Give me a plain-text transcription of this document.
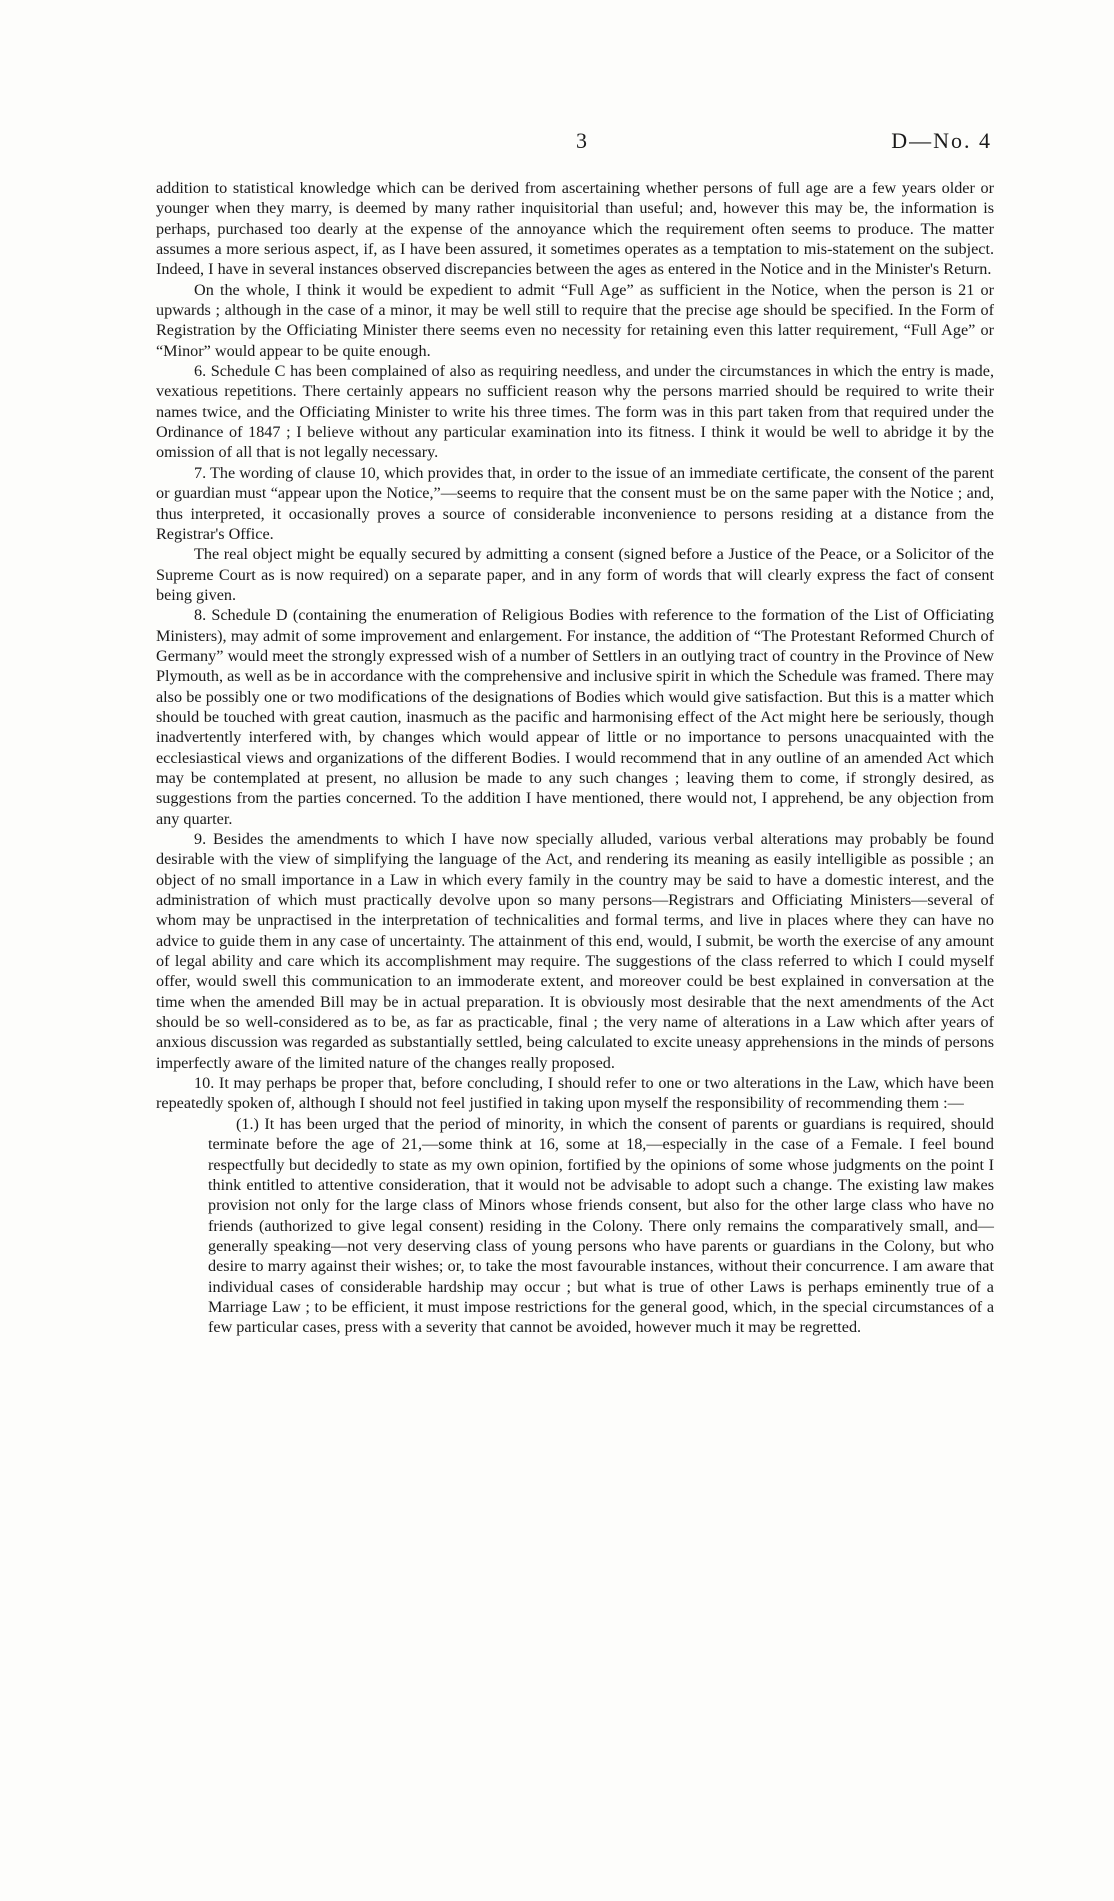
3	D—No. 4

addition to statistical knowledge which can be derived from ascertaining whether persons of full age are a few years older or younger when they marry, is deemed by many rather inquisitorial than useful; and, however this may be, the information is perhaps, purchased too dearly at the expense of the annoyance which the requirement often seems to produce. The matter assumes a more serious aspect, if, as I have been assured, it sometimes operates as a temptation to mis-statement on the subject. Indeed, I have in several instances observed discrepancies between the ages as entered in the Notice and in the Minister's Return.

On the whole, I think it would be expedient to admit “Full Age” as sufficient in the Notice, when the person is 21 or upwards ; although in the case of a minor, it may be well still to require that the precise age should be specified. In the Form of Registration by the Officiating Minister there seems even no necessity for retaining even this latter requirement, “Full Age” or “Minor” would appear to be quite enough.

6. Schedule C has been complained of also as requiring needless, and under the circumstances in which the entry is made, vexatious repetitions. There certainly appears no sufficient reason why the persons married should be required to write their names twice, and the Officiating Minister to write his three times. The form was in this part taken from that required under the Ordinance of 1847 ; I believe without any particular examination into its fitness. I think it would be well to abridge it by the omission of all that is not legally necessary.

7. The wording of clause 10, which provides that, in order to the issue of an immediate certificate, the consent of the parent or guardian must “appear upon the Notice,”—seems to require that the consent must be on the same paper with the Notice ; and, thus interpreted, it occasionally proves a source of considerable inconvenience to persons residing at a distance from the Registrar's Office.

The real object might be equally secured by admitting a consent (signed before a Justice of the Peace, or a Solicitor of the Supreme Court as is now required) on a separate paper, and in any form of words that will clearly express the fact of consent being given.

8. Schedule D (containing the enumeration of Religious Bodies with reference to the formation of the List of Officiating Ministers), may admit of some improvement and enlargement. For instance, the addition of “The Protestant Reformed Church of Germany” would meet the strongly expressed wish of a number of Settlers in an outlying tract of country in the Province of New Plymouth, as well as be in accordance with the comprehensive and inclusive spirit in which the Schedule was framed. There may also be possibly one or two modifications of the designations of Bodies which would give satisfaction. But this is a matter which should be touched with great caution, inasmuch as the pacific and harmonising effect of the Act might here be seriously, though inadvertently interfered with, by changes which would appear of little or no importance to persons unacquainted with the ecclesiastical views and organizations of the different Bodies. I would recommend that in any outline of an amended Act which may be contemplated at present, no allusion be made to any such changes ; leaving them to come, if strongly desired, as suggestions from the parties concerned. To the addition I have mentioned, there would not, I apprehend, be any objection from any quarter.

9. Besides the amendments to which I have now specially alluded, various verbal alterations may probably be found desirable with the view of simplifying the language of the Act, and rendering its meaning as easily intelligible as possible ; an object of no small importance in a Law in which every family in the country may be said to have a domestic interest, and the administration of which must practically devolve upon so many persons—Registrars and Officiating Ministers—several of whom may be unpractised in the interpretation of technicalities and formal terms, and live in places where they can have no advice to guide them in any case of uncertainty. The attainment of this end, would, I submit, be worth the exercise of any amount of legal ability and care which its accomplishment may require. The suggestions of the class referred to which I could myself offer, would swell this communication to an immoderate extent, and moreover could be best explained in conversation at the time when the amended Bill may be in actual preparation. It is obviously most desirable that the next amendments of the Act should be so well-considered as to be, as far as practicable, final ; the very name of alterations in a Law which after years of anxious discussion was regarded as substantially settled, being calculated to excite uneasy apprehensions in the minds of persons imperfectly aware of the limited nature of the changes really proposed.

10. It may perhaps be proper that, before concluding, I should refer to one or two alterations in the Law, which have been repeatedly spoken of, although I should not feel justified in taking upon myself the responsibility of recommending them :—

(1.) It has been urged that the period of minority, in which the consent of parents or guardians is required, should terminate before the age of 21,—some think at 16, some at 18,—especially in the case of a Female. I feel bound respectfully but decidedly to state as my own opinion, fortified by the opinions of some whose judgments on the point I think entitled to attentive consideration, that it would not be advisable to adopt such a change. The existing law makes provision not only for the large class of Minors whose friends consent, but also for the other large class who have no friends (authorized to give legal consent) residing in the Colony. There only remains the comparatively small, and—generally speaking—not very deserving class of young persons who have parents or guardians in the Colony, but who desire to marry against their wishes; or, to take the most favourable instances, without their concurrence. I am aware that individual cases of considerable hardship may occur ; but what is true of other Laws is perhaps eminently true of a Marriage Law ; to be efficient, it must impose restrictions for the general good, which, in the special circumstances of a few particular cases, press with a severity that cannot be avoided, however much it may be regretted.
